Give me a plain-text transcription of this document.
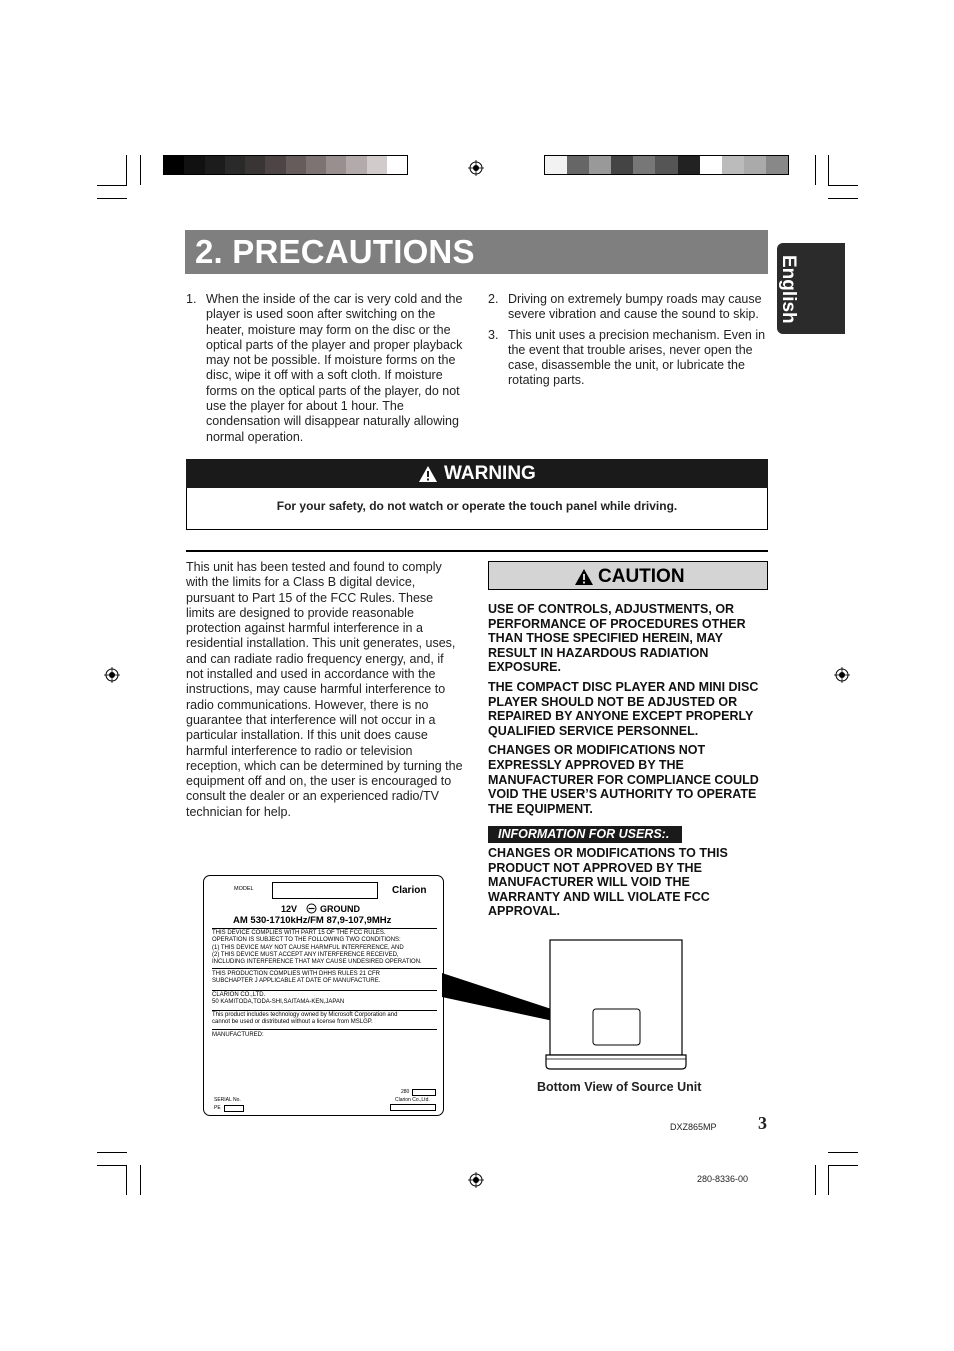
2. PRECAUTIONS
English
1. When the inside of the car is very cold and the player is used soon after switching on the heater, moisture may form on the disc or the optical parts of the player and proper playback may not be possible. If moisture forms on the disc, wipe it off with a soft cloth. If moisture forms on the optical parts of the player, do not use the player for about 1 hour. The condensation will disappear naturally allowing normal operation.
2. Driving on extremely bumpy roads may cause severe vibration and cause the sound to skip.
3. This unit uses a precision mechanism. Even in the event that trouble arises, never open the case, disassemble the unit, or lubricate the rotating parts.
WARNING
For your safety, do not watch or operate the touch panel while driving.
This unit has been tested and found to comply with the limits for a Class B digital device, pursuant to Part 15 of the FCC Rules. These limits are designed to provide reasonable protection against harmful interference in a residential installation. This unit generates, uses, and can radiate radio frequency energy, and, if not installed and used in accordance with the instructions, may cause harmful interference to radio communications. However, there is no guarantee that interference will not occur in a particular installation. If this unit does cause harmful interference to radio or television reception, which can be determined by turning the equipment off and on, the user is encouraged to consult the dealer or an experienced radio/TV technician for help.
CAUTION

USE OF CONTROLS, ADJUSTMENTS, OR PERFORMANCE OF PROCEDURES OTHER THAN THOSE SPECIFIED HEREIN, MAY RESULT IN HAZARDOUS RADIATION EXPOSURE.

THE COMPACT DISC PLAYER AND MINI DISC PLAYER SHOULD NOT BE ADJUSTED OR REPAIRED BY ANYONE EXCEPT PROPERLY QUALIFIED SERVICE PERSONNEL.

CHANGES OR MODIFICATIONS NOT EXPRESSLY APPROVED BY THE MANUFACTURER FOR COMPLIANCE COULD VOID THE USER’S AUTHORITY TO OPERATE THE EQUIPMENT.

INFORMATION FOR USERS:.
CHANGES OR MODIFICATIONS TO THIS PRODUCT NOT APPROVED BY THE MANUFACTURER WILL VOID THE WARRANTY AND WILL VIOLATE FCC APPROVAL.
MODEL	Clarion
12V	GROUND
AM 530-1710kHz/FM 87,9-107,9MHz
THIS DEVICE COMPLIES WITH PART 15 OF THE FCC RULES.
OPERATION IS SUBJECT TO THE FOLLOWING TWO CONDITIONS:
(1) THIS DEVICE MAY NOT CAUSE HARMFUL INTERFERENCE, AND
(2) THIS DEVICE MUST ACCEPT ANY INTERFERENCE RECEIVED,
INCLUDING INTERFERENCE THAT MAY CAUSE UNDESIRED OPERATION.
THIS PRODUCTION COMPLIES WITH DHHS RULES 21 CFR
SUBCHAPTER J APPLICABLE AT DATE OF MANUFACTURE.
CLARION CO.,LTD.
50 KAMITODA,TODA-SHI,SAITAMA-KEN,JAPAN
This product includes technology owned by Microsoft Corporation and
cannot be used or distributed without a license from MSLGP.
MANUFACTURED:
SERIAL No.
PE
280
Clarion Co.,Ltd.
Bottom View of Source Unit
DXZ865MP 3
280-8336-00
